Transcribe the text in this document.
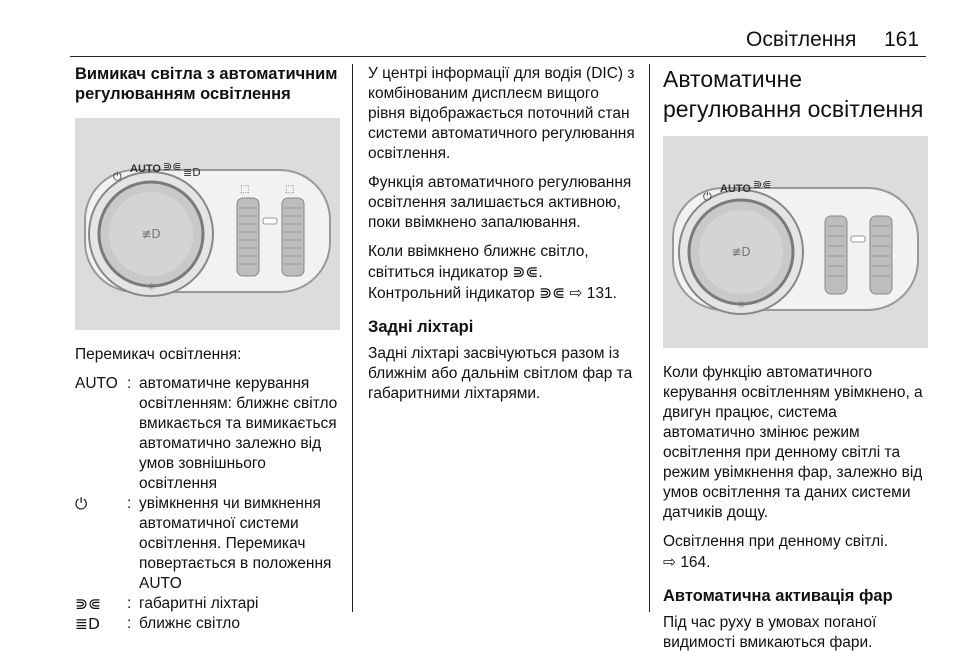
Освітлення 161
Вимикач світла з автоматичним регулюванням освітлення
≢D
⏻
AUTO ⋑⋐ ≣D
⬚	⬚
☼

Перемикач освітлення:

AUTO : автоматичне керування освітленням: ближнє світло вмикається та вимикається автоматично залежно від умов зовнішнього освітлення
⏻	: увімкнення чи вимкнення автоматичної системи освітлення. Перемикач повертається в положення AUTO
⋑⋐	: габаритні ліхтарі
≣D	: ближнє світло

У центрі інформації для водія (DIC) з комбінованим дисплеєм вищого рівня відображається поточний стан системи автоматичного регулювання освітлення.

Функція автоматичного регулювання освітлення залишається активною, поки ввімкнено запалювання.

Коли ввімкнено ближнє світло, світиться індикатор ⋑⋐.

Контрольний індикатор ⋑⋐ ⇨ 131.

Задні ліхтарі

Задні ліхтарі засвічуються разом із ближнім або дальнім світлом фар та габаритними ліхтарями.

Автоматичне регулювання освітлення
≢D
⏻
AUTO ⋑⋐
☼

Коли функцію автоматичного керування освітленням увімкнено, а двигун працює, система автоматично змінює режим освітлення при денному світлі та режим увімкнення фар, залежно від умов освітлення та даних системи датчиків дощу.

Освітлення при денному світлі.
⇨ 164.

Автоматична активація фар

Під час руху в умовах поганої видимості вмикаються фари.
